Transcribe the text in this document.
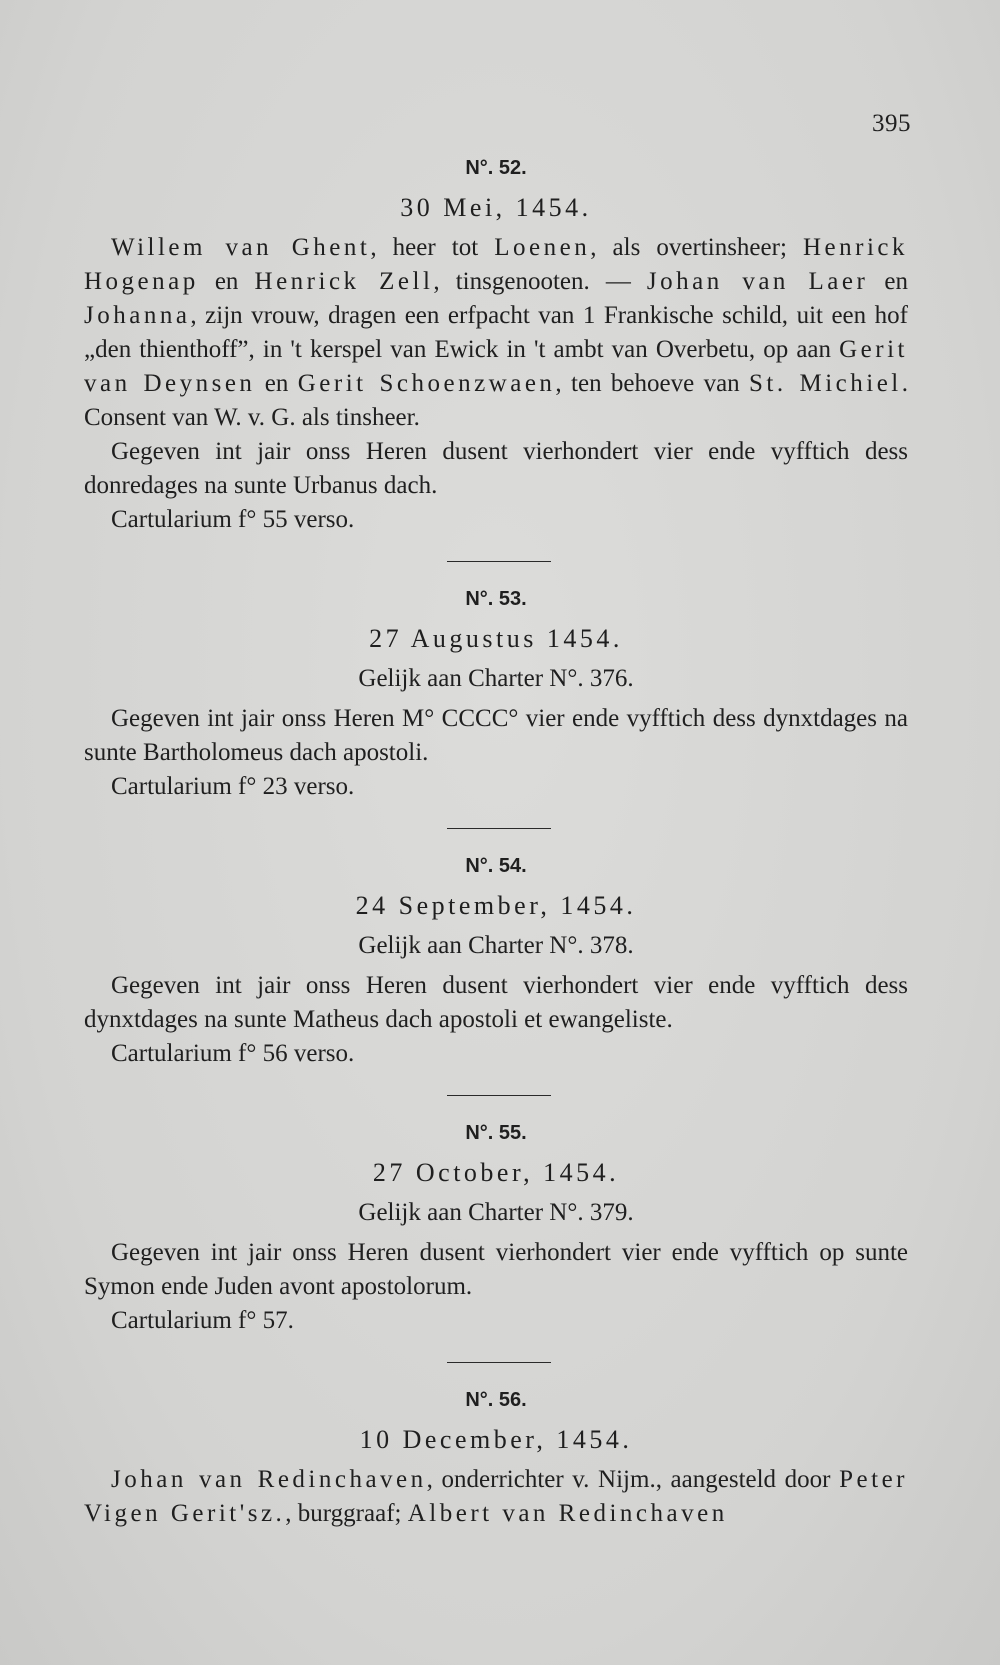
395
N°. 52.
30 Mei, 1454.

Willem van Ghent, heer tot Loenen, als overtinsheer; Henrick Hogenap en Henrick Zell, tinsgenooten. — Johan van Laer en Johanna, zijn vrouw, dragen een erfpacht van 1 Frankische schild, uit een hof „den thienthoff”, in 't kerspel van Ewick in 't ambt van Overbetu, op aan Gerit van Deynsen en Gerit Schoenzwaen, ten behoeve van St. Michiel. Consent van W. v. G. als tinsheer.

Gegeven int jair onss Heren dusent vierhondert vier ende vyfftich dess donredages na sunte Urbanus dach.

Cartularium f° 55 verso.

N°. 53.
27 Augustus 1454.
Gelijk aan Charter N°. 376.

Gegeven int jair onss Heren M° CCCC° vier ende vyfftich dess dynxtdages na sunte Bartholomeus dach apostoli.

Cartularium f° 23 verso.

N°. 54.
24 September, 1454.
Gelijk aan Charter N°. 378.

Gegeven int jair onss Heren dusent vierhondert vier ende vyfftich dess dynxtdages na sunte Matheus dach apostoli et ewangeliste.

Cartularium f° 56 verso.

N°. 55.
27 October, 1454.
Gelijk aan Charter N°. 379.

Gegeven int jair onss Heren dusent vierhondert vier ende vyfftich op sunte Symon ende Juden avont apostolorum.

Cartularium f° 57.

N°. 56.
10 December, 1454.

Johan van Redinchaven, onderrichter v. Nijm., aangesteld door Peter Vigen Gerit'sz., burggraaf; Albert van Redinchaven
